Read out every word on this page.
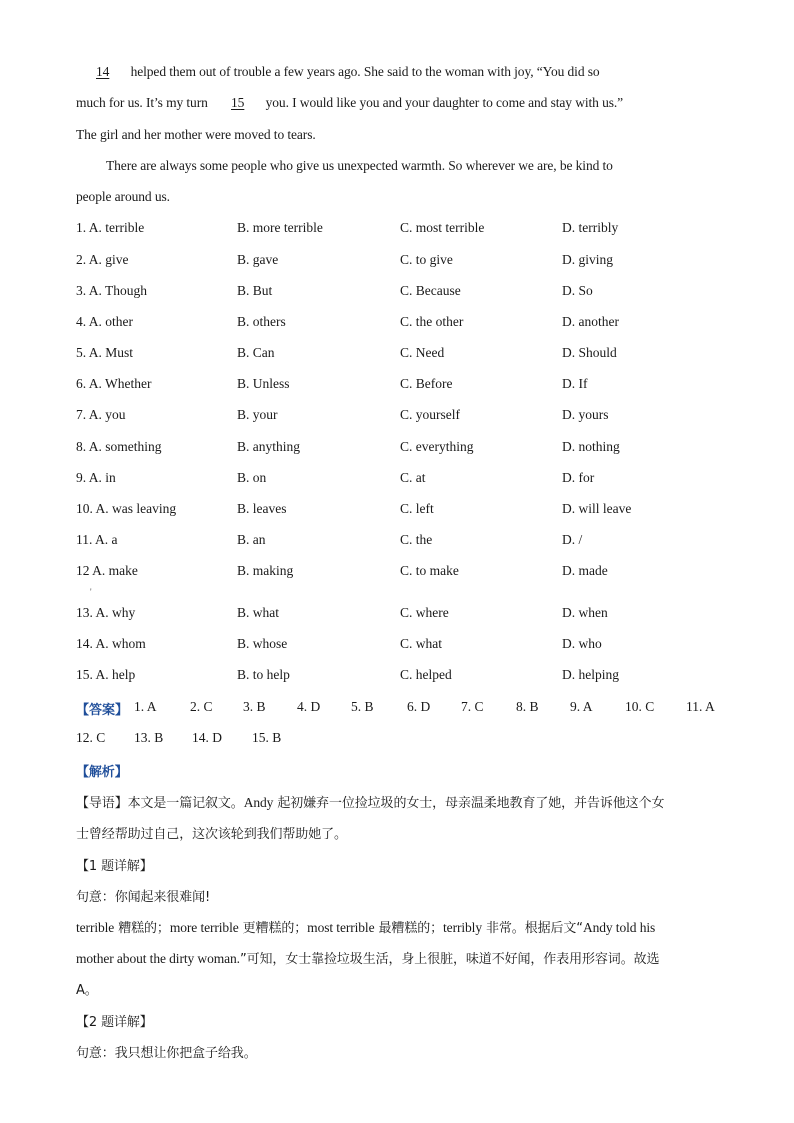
14 helped them out of trouble a few years ago. She said to the woman with joy, “You did so
much for us. It’s my turn 15 you. I would like you and your daughter to come and stay with us.”
The girl and her mother were moved to tears.
There are always some people who give us unexpected warmth. So wherever we are, be kind to
people around us.
1. A. terrible	B. more terrible	C. most terrible	D. terribly
2. A. give	B. gave	C. to give	D. giving
3. A. Though	B. But	C. Because	D. So
4. A. other	B. others	C. the other	D. another
5. A. Must	B. Can	C. Need	D. Should
6. A. Whether	B. Unless	C. Before	D. If
7. A. you	B. your	C. yourself	D. yours
8. A. something	B. anything	C. everything	D. nothing
9. A. in	B. on	C. at	D. for
10. A. was leaving	B. leaves	C. left	D. will leave
11. A. a	B. an	C. the	D. /
12 A. make	B. making	C. to make	D. made
13. A. why	B. what	C. where	D. when
14. A. whom	B. whose	C. what	D. who
15. A. help	B. to help	C. helped	D. helping
'
【答案】 1. A 2. C 3. B 4. D 5. B 6. D 7. C 8. B 9. A 10. C 11. A
12. C 13. B 14. D 15. B
【解析】
【导语】本文是一篇记叙文。Andy 起初嫌弃一位捡垃圾的女士，母亲温柔地教育了她，并告诉他这个女
士曾经帮助过自己，这次该轮到我们帮助她了。
【1 题详解】
句意：你闻起来很难闻!
terrible 糟糕的；more terrible 更糟糕的；most terrible 最糟糕的；terribly 非常。根据后文“Andy told his
mother about the dirty woman.”可知，女士靠捡垃圾生活，身上很脏，味道不好闻，作表用形容词。故选
A。
【2 题详解】
句意：我只想让你把盒子给我。
